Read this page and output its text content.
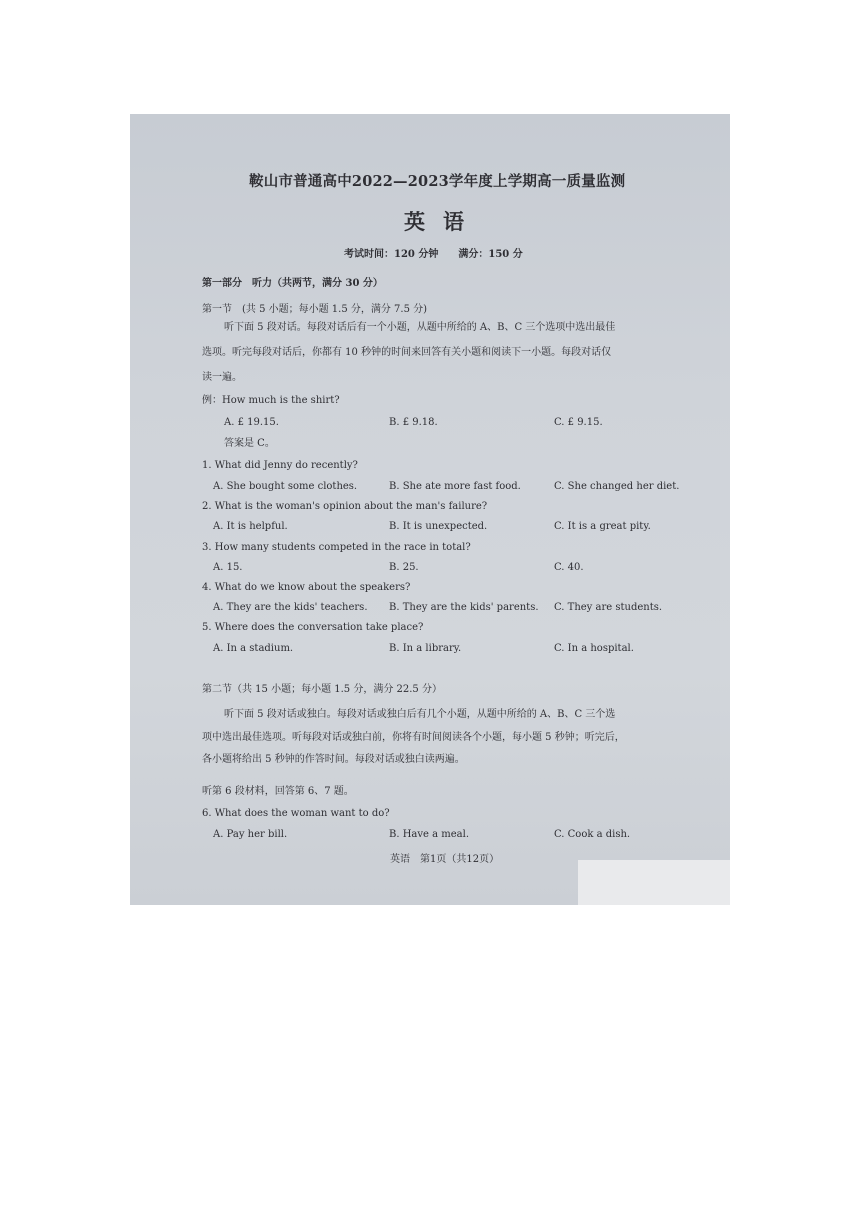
鞍山市普通高中2022—2023学年度上学期高一质量监测
英语
考试时间：120 分钟　　满分：150 分
第一部分　听力（共两节，满分 30 分）
第一节　(共 5 小题；每小题 1.5 分，满分 7.5 分)
听下面 5 段对话。每段对话后有一个小题，从题中所给的 A、B、C 三个选项中选出最佳
选项。听完每段对话后，你都有 10 秒钟的时间来回答有关小题和阅读下一小题。每段对话仅
读一遍。
例：How much is the shirt?
A. £ 19.15.	B. £ 9.18.	C. £ 9.15.
答案是 C。
1. What did Jenny do recently?
A. She bought some clothes.	B. She ate more fast food.	C. She changed her diet.
2. What is the woman's opinion about the man's failure?
A. It is helpful.	B. It is unexpected.	C. It is a great pity.
3. How many students competed in the race in total?
A. 15.	B. 25.	C. 40.
4. What do we know about the speakers?
A. They are the kids' teachers. B. They are the kids' parents. C. They are students.
5. Where does the conversation take place?
A. In a stadium.	B. In a library.	C. In a hospital.
第二节（共 15 小题；每小题 1.5 分，满分 22.5 分）
听下面 5 段对话或独白。每段对话或独白后有几个小题，从题中所给的 A、B、C 三个选
项中选出最佳选项。听每段对话或独白前，你将有时间阅读各个小题，每小题 5 秒钟；听完后，
各小题将给出 5 秒钟的作答时间。每段对话或独白读两遍。
听第 6 段材料，回答第 6、7 题。
6. What does the woman want to do?
A. Pay her bill.	B. Have a meal.	C. Cook a dish.
英语　第1页（共12页）
